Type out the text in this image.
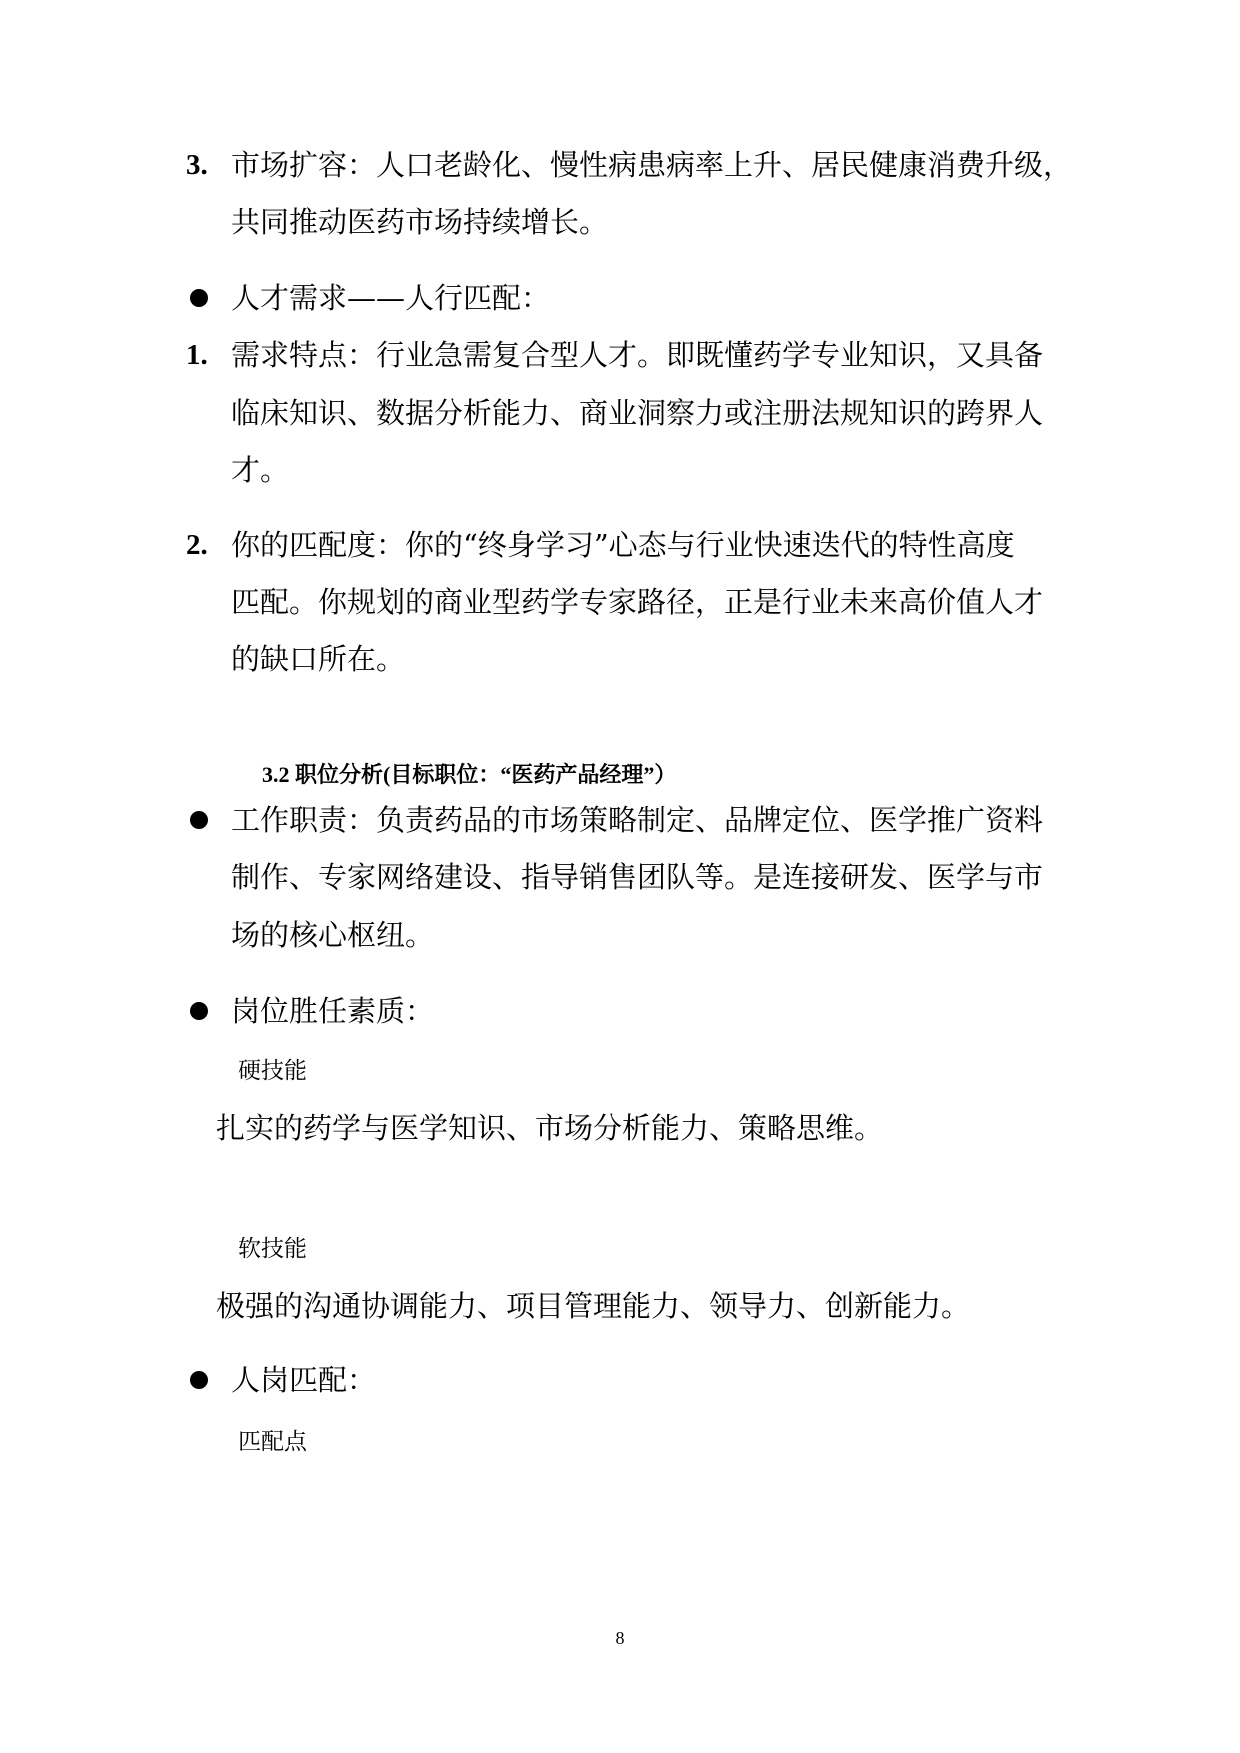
3. 市场扩容：人口老龄化、慢性病患病率上升、居民健康消费升级，
共同推动医药市场持续增长。
人才需求——人行匹配：
1. 需求特点：行业急需复合型人才。即既懂药学专业知识，又具备
临床知识、数据分析能力、商业洞察力或注册法规知识的跨界人
才。
2. 你的匹配度：你的“终身学习”心态与行业快速迭代的特性高度
匹配。你规划的商业型药学专家路径，正是行业未来高价值人才
的缺口所在。
3.2 职位分析(目标职位：“医药产品经理”）
工作职责：负责药品的市场策略制定、品牌定位、医学推广资料
制作、专家网络建设、指导销售团队等。是连接研发、医学与市
场的核心枢纽。
岗位胜任素质：
硬技能
扎实的药学与医学知识、市场分析能力、策略思维。
软技能
极强的沟通协调能力、项目管理能力、领导力、创新能力。
人岗匹配：
匹配点
8
